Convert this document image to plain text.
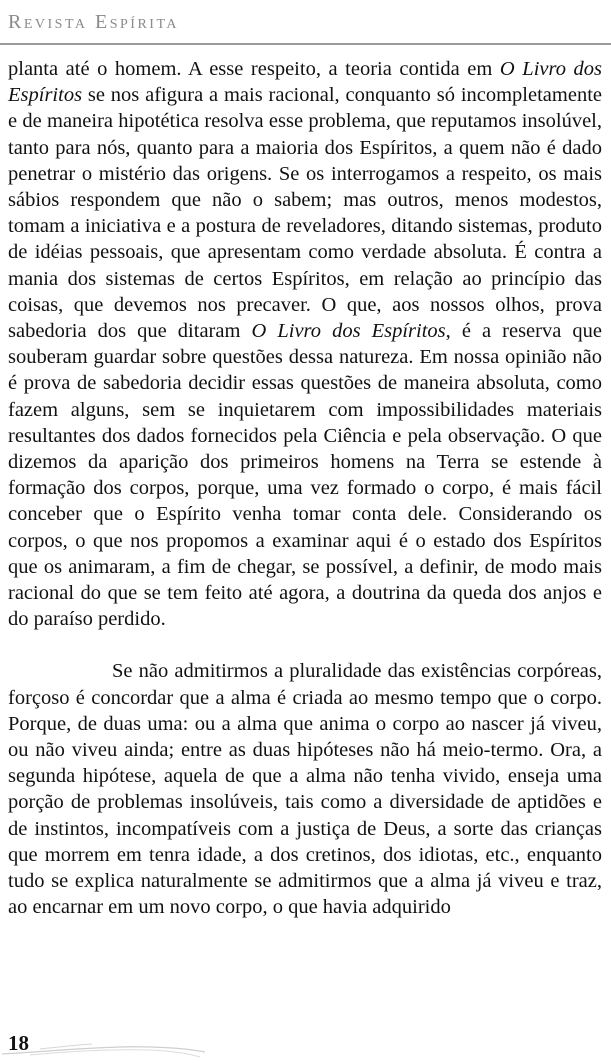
Revista Espírita

planta até o homem. A esse respeito, a teoria contida em O Livro dos Espíritos se nos afigura a mais racional, conquanto só incompletamente e de maneira hipotética resolva esse problema, que reputamos insolúvel, tanto para nós, quanto para a maioria dos Espíritos, a quem não é dado penetrar o mistério das origens. Se os interrogamos a respeito, os mais sábios respondem que não o sabem; mas outros, menos modestos, tomam a iniciativa e a postura de reveladores, ditando sistemas, produto de idéias pessoais, que apresentam como verdade absoluta. É contra a mania dos sistemas de certos Espíritos, em relação ao princípio das coisas, que devemos nos precaver. O que, aos nossos olhos, prova sabedoria dos que ditaram O Livro dos Espíritos, é a reserva que souberam guardar sobre questões dessa natureza. Em nossa opinião não é prova de sabedoria decidir essas questões de maneira absoluta, como fazem alguns, sem se inquietarem com impossibilidades materiais resultantes dos dados fornecidos pela Ciência e pela observação. O que dizemos da aparição dos primeiros homens na Terra se estende à formação dos corpos, porque, uma vez formado o corpo, é mais fácil conceber que o Espírito venha tomar conta dele. Considerando os corpos, o que nos propomos a examinar aqui é o estado dos Espíritos que os animaram, a fim de chegar, se possível, a definir, de modo mais racional do que se tem feito até agora, a doutrina da queda dos anjos e do paraíso perdido.

Se não admitirmos a pluralidade das existências corpóreas, forçoso é concordar que a alma é criada ao mesmo tempo que o corpo. Porque, de duas uma: ou a alma que anima o corpo ao nascer já viveu, ou não viveu ainda; entre as duas hipóteses não há meio-termo. Ora, a segunda hipótese, aquela de que a alma não tenha vivido, enseja uma porção de problemas insolúveis, tais como a diversidade de aptidões e de instintos, incompatíveis com a justiça de Deus, a sorte das crianças que morrem em tenra idade, a dos cretinos, dos idiotas, etc., enquanto tudo se explica naturalmente se admitirmos que a alma já viveu e traz, ao encarnar em um novo corpo, o que havia adquirido

18
